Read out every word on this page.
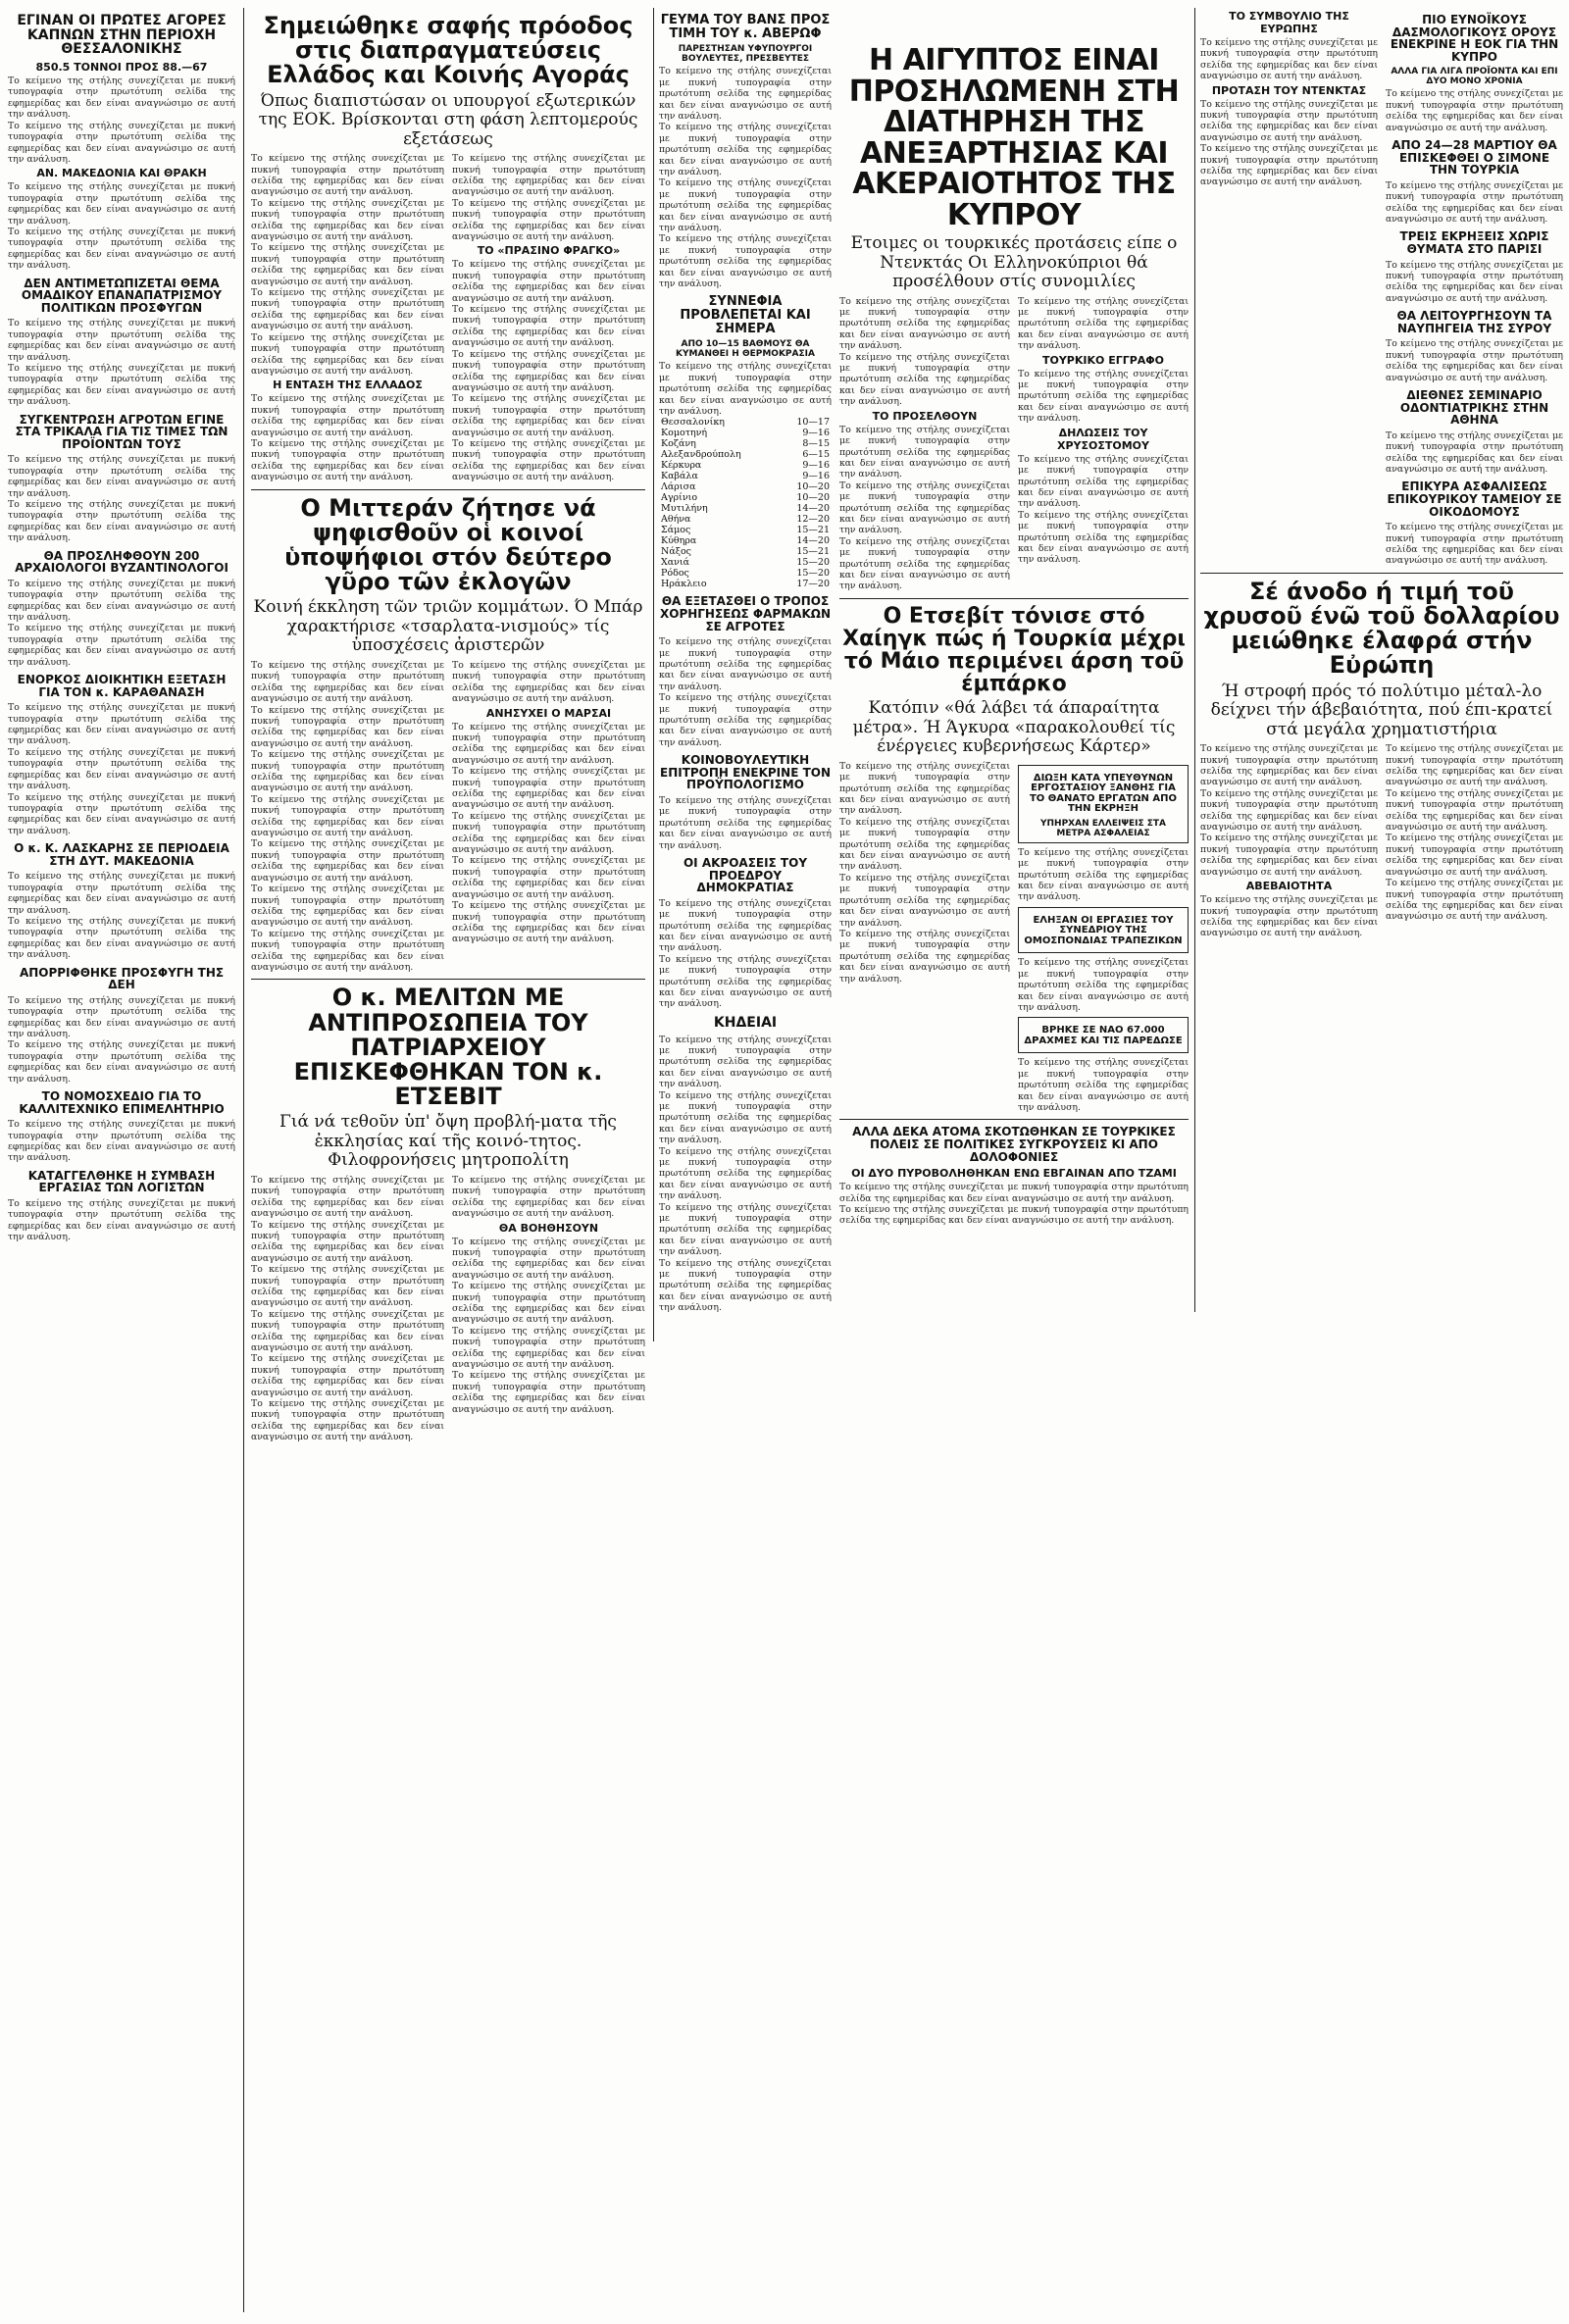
ΕΓΙΝΑΝ ΟΙ ΠΡΩΤΕΣ ΑΓΟΡΕΣ ΚΑΠΝΩΝ ΣΤΗΝ ΠΕΡΙΟΧΗ ΘΕΣΣΑΛΟΝΙΚΗΣ
850.5 ΤΟΝΝΟΙ ΠΡΟΣ 88.—67

Το κείμενο της στήλης συνεχίζεται με πυκνή τυπογραφία στην πρωτότυπη σελίδα της εφημερίδας και δεν είναι αναγνώσιμο σε αυτή την ανάλυση.

Το κείμενο της στήλης συνεχίζεται με πυκνή τυπογραφία στην πρωτότυπη σελίδα της εφημερίδας και δεν είναι αναγνώσιμο σε αυτή την ανάλυση.

ΑΝ. ΜΑΚΕΔΟΝΙΑ ΚΑΙ ΘΡΑΚΗ

Το κείμενο της στήλης συνεχίζεται με πυκνή τυπογραφία στην πρωτότυπη σελίδα της εφημερίδας και δεν είναι αναγνώσιμο σε αυτή την ανάλυση.

Το κείμενο της στήλης συνεχίζεται με πυκνή τυπογραφία στην πρωτότυπη σελίδα της εφημερίδας και δεν είναι αναγνώσιμο σε αυτή την ανάλυση.

ΔΕΝ ΑΝΤΙΜΕΤΩΠΙΖΕΤΑΙ ΘΕΜΑ ΟΜΑΔΙΚΟΥ ΕΠΑΝΑΠΑΤΡΙΣΜΟΥ ΠΟΛΙΤΙΚΩΝ ΠΡΟΣΦΥΓΩΝ

Το κείμενο της στήλης συνεχίζεται με πυκνή τυπογραφία στην πρωτότυπη σελίδα της εφημερίδας και δεν είναι αναγνώσιμο σε αυτή την ανάλυση.

Το κείμενο της στήλης συνεχίζεται με πυκνή τυπογραφία στην πρωτότυπη σελίδα της εφημερίδας και δεν είναι αναγνώσιμο σε αυτή την ανάλυση.

ΣΥΓΚΕΝΤΡΩΣΗ ΑΓΡΟΤΩΝ ΕΓΙΝΕ ΣΤΑ ΤΡΙΚΑΛΑ ΓΙΑ ΤΙΣ ΤΙΜΕΣ ΤΩΝ ΠΡΟΪΟΝΤΩΝ ΤΟΥΣ

Το κείμενο της στήλης συνεχίζεται με πυκνή τυπογραφία στην πρωτότυπη σελίδα της εφημερίδας και δεν είναι αναγνώσιμο σε αυτή την ανάλυση.

Το κείμενο της στήλης συνεχίζεται με πυκνή τυπογραφία στην πρωτότυπη σελίδα της εφημερίδας και δεν είναι αναγνώσιμο σε αυτή την ανάλυση.

ΘΑ ΠΡΟΣΛΗΦΘΟΥΝ 200 ΑΡΧΑΙΟΛΟΓΟΙ ΒΥΖΑΝΤΙΝΟΛΟΓΟΙ

Το κείμενο της στήλης συνεχίζεται με πυκνή τυπογραφία στην πρωτότυπη σελίδα της εφημερίδας και δεν είναι αναγνώσιμο σε αυτή την ανάλυση.

Το κείμενο της στήλης συνεχίζεται με πυκνή τυπογραφία στην πρωτότυπη σελίδα της εφημερίδας και δεν είναι αναγνώσιμο σε αυτή την ανάλυση.

ΕΝΟΡΚΟΣ ΔΙΟΙΚΗΤΙΚΗ ΕΞΕΤΑΣΗ ΓΙΑ ΤΟΝ κ. ΚΑΡΑΘΑΝΑΣΗ

Το κείμενο της στήλης συνεχίζεται με πυκνή τυπογραφία στην πρωτότυπη σελίδα της εφημερίδας και δεν είναι αναγνώσιμο σε αυτή την ανάλυση.

Το κείμενο της στήλης συνεχίζεται με πυκνή τυπογραφία στην πρωτότυπη σελίδα της εφημερίδας και δεν είναι αναγνώσιμο σε αυτή την ανάλυση.

Το κείμενο της στήλης συνεχίζεται με πυκνή τυπογραφία στην πρωτότυπη σελίδα της εφημερίδας και δεν είναι αναγνώσιμο σε αυτή την ανάλυση.

Ο κ. Κ. ΛΑΣΚΑΡΗΣ ΣΕ ΠΕΡΙΟΔΕΙΑ ΣΤΗ ΔΥΤ. ΜΑΚΕΔΟΝΙΑ

Το κείμενο της στήλης συνεχίζεται με πυκνή τυπογραφία στην πρωτότυπη σελίδα της εφημερίδας και δεν είναι αναγνώσιμο σε αυτή την ανάλυση.

Το κείμενο της στήλης συνεχίζεται με πυκνή τυπογραφία στην πρωτότυπη σελίδα της εφημερίδας και δεν είναι αναγνώσιμο σε αυτή την ανάλυση.

ΑΠΟΡΡΙΦΘΗΚΕ ΠΡΟΣΦΥΓΗ ΤΗΣ ΔΕΗ

Το κείμενο της στήλης συνεχίζεται με πυκνή τυπογραφία στην πρωτότυπη σελίδα της εφημερίδας και δεν είναι αναγνώσιμο σε αυτή την ανάλυση.

Το κείμενο της στήλης συνεχίζεται με πυκνή τυπογραφία στην πρωτότυπη σελίδα της εφημερίδας και δεν είναι αναγνώσιμο σε αυτή την ανάλυση.

ΤΟ ΝΟΜΟΣΧΕΔΙΟ ΓΙΑ ΤΟ ΚΑΛΛΙΤΕΧΝΙΚΟ ΕΠΙΜΕΛΗΤΗΡΙΟ

Το κείμενο της στήλης συνεχίζεται με πυκνή τυπογραφία στην πρωτότυπη σελίδα της εφημερίδας και δεν είναι αναγνώσιμο σε αυτή την ανάλυση.

ΚΑΤΑΓΓΕΛΘΗΚΕ Η ΣΥΜΒΑΣΗ ΕΡΓΑΣΙΑΣ ΤΩΝ ΛΟΓΙΣΤΩΝ

Το κείμενο της στήλης συνεχίζεται με πυκνή τυπογραφία στην πρωτότυπη σελίδα της εφημερίδας και δεν είναι αναγνώσιμο σε αυτή την ανάλυση.

Σημειώθηκε σαφής πρόοδος στις διαπραγματεύσεις Ελλάδος και Κοινής Αγοράς
Όπως διαπιστώσαν οι υπουργοί εξωτερικών της ΕΟΚ. Βρίσκονται στη φάση λεπτομερούς εξετάσεως

Το κείμενο της στήλης συνεχίζεται με πυκνή τυπογραφία στην πρωτότυπη σελίδα της εφημερίδας και δεν είναι αναγνώσιμο σε αυτή την ανάλυση.

Το κείμενο της στήλης συνεχίζεται με πυκνή τυπογραφία στην πρωτότυπη σελίδα της εφημερίδας και δεν είναι αναγνώσιμο σε αυτή την ανάλυση.

Το κείμενο της στήλης συνεχίζεται με πυκνή τυπογραφία στην πρωτότυπη σελίδα της εφημερίδας και δεν είναι αναγνώσιμο σε αυτή την ανάλυση.

Το κείμενο της στήλης συνεχίζεται με πυκνή τυπογραφία στην πρωτότυπη σελίδα της εφημερίδας και δεν είναι αναγνώσιμο σε αυτή την ανάλυση.

Το κείμενο της στήλης συνεχίζεται με πυκνή τυπογραφία στην πρωτότυπη σελίδα της εφημερίδας και δεν είναι αναγνώσιμο σε αυτή την ανάλυση.

Η ΕΝΤΑΣΗ ΤΗΣ ΕΛΛΑΔΟΣ

Το κείμενο της στήλης συνεχίζεται με πυκνή τυπογραφία στην πρωτότυπη σελίδα της εφημερίδας και δεν είναι αναγνώσιμο σε αυτή την ανάλυση.

Το κείμενο της στήλης συνεχίζεται με πυκνή τυπογραφία στην πρωτότυπη σελίδα της εφημερίδας και δεν είναι αναγνώσιμο σε αυτή την ανάλυση.

Το κείμενο της στήλης συνεχίζεται με πυκνή τυπογραφία στην πρωτότυπη σελίδα της εφημερίδας και δεν είναι αναγνώσιμο σε αυτή την ανάλυση.

Το κείμενο της στήλης συνεχίζεται με πυκνή τυπογραφία στην πρωτότυπη σελίδα της εφημερίδας και δεν είναι αναγνώσιμο σε αυτή την ανάλυση.

ΤΟ «ΠΡΑΣΙΝΟ ΦΡΑΓΚΟ»

Το κείμενο της στήλης συνεχίζεται με πυκνή τυπογραφία στην πρωτότυπη σελίδα της εφημερίδας και δεν είναι αναγνώσιμο σε αυτή την ανάλυση.

Το κείμενο της στήλης συνεχίζεται με πυκνή τυπογραφία στην πρωτότυπη σελίδα της εφημερίδας και δεν είναι αναγνώσιμο σε αυτή την ανάλυση.

Το κείμενο της στήλης συνεχίζεται με πυκνή τυπογραφία στην πρωτότυπη σελίδα της εφημερίδας και δεν είναι αναγνώσιμο σε αυτή την ανάλυση.

Το κείμενο της στήλης συνεχίζεται με πυκνή τυπογραφία στην πρωτότυπη σελίδα της εφημερίδας και δεν είναι αναγνώσιμο σε αυτή την ανάλυση.

Το κείμενο της στήλης συνεχίζεται με πυκνή τυπογραφία στην πρωτότυπη σελίδα της εφημερίδας και δεν είναι αναγνώσιμο σε αυτή την ανάλυση.

Ο Μιττεράν ζήτησε νά ψηφισθοῦν οἱ κοινοί ὑποψήφιοι στόν δεύτερο γῦρο τῶν ἐκλογῶν
Κοινή έκκληση τῶν τριῶν κομμάτων. Ό Μπάρ χαρακτήρισε «τσαρλατα-νισμούς» τίς ὑποσχέσεις ἀριστερῶν

Το κείμενο της στήλης συνεχίζεται με πυκνή τυπογραφία στην πρωτότυπη σελίδα της εφημερίδας και δεν είναι αναγνώσιμο σε αυτή την ανάλυση.

Το κείμενο της στήλης συνεχίζεται με πυκνή τυπογραφία στην πρωτότυπη σελίδα της εφημερίδας και δεν είναι αναγνώσιμο σε αυτή την ανάλυση.

Το κείμενο της στήλης συνεχίζεται με πυκνή τυπογραφία στην πρωτότυπη σελίδα της εφημερίδας και δεν είναι αναγνώσιμο σε αυτή την ανάλυση.

Το κείμενο της στήλης συνεχίζεται με πυκνή τυπογραφία στην πρωτότυπη σελίδα της εφημερίδας και δεν είναι αναγνώσιμο σε αυτή την ανάλυση.

Το κείμενο της στήλης συνεχίζεται με πυκνή τυπογραφία στην πρωτότυπη σελίδα της εφημερίδας και δεν είναι αναγνώσιμο σε αυτή την ανάλυση.

Το κείμενο της στήλης συνεχίζεται με πυκνή τυπογραφία στην πρωτότυπη σελίδα της εφημερίδας και δεν είναι αναγνώσιμο σε αυτή την ανάλυση.

Το κείμενο της στήλης συνεχίζεται με πυκνή τυπογραφία στην πρωτότυπη σελίδα της εφημερίδας και δεν είναι αναγνώσιμο σε αυτή την ανάλυση.

Το κείμενο της στήλης συνεχίζεται με πυκνή τυπογραφία στην πρωτότυπη σελίδα της εφημερίδας και δεν είναι αναγνώσιμο σε αυτή την ανάλυση.

ΑΝΗΣΥΧΕΙ Ο ΜΑΡΣΑΙ

Το κείμενο της στήλης συνεχίζεται με πυκνή τυπογραφία στην πρωτότυπη σελίδα της εφημερίδας και δεν είναι αναγνώσιμο σε αυτή την ανάλυση.

Το κείμενο της στήλης συνεχίζεται με πυκνή τυπογραφία στην πρωτότυπη σελίδα της εφημερίδας και δεν είναι αναγνώσιμο σε αυτή την ανάλυση.

Το κείμενο της στήλης συνεχίζεται με πυκνή τυπογραφία στην πρωτότυπη σελίδα της εφημερίδας και δεν είναι αναγνώσιμο σε αυτή την ανάλυση.

Το κείμενο της στήλης συνεχίζεται με πυκνή τυπογραφία στην πρωτότυπη σελίδα της εφημερίδας και δεν είναι αναγνώσιμο σε αυτή την ανάλυση.

Το κείμενο της στήλης συνεχίζεται με πυκνή τυπογραφία στην πρωτότυπη σελίδα της εφημερίδας και δεν είναι αναγνώσιμο σε αυτή την ανάλυση.

Ο κ. ΜΕΛΙΤΩΝ ΜΕ ΑΝΤΙΠΡΟΣΩΠΕΙΑ ΤΟΥ ΠΑΤΡΙΑΡΧΕΙΟΥ ΕΠΙΣΚΕΦΘΗΚΑΝ ΤΟΝ κ. ΕΤΣΕΒΙΤ
Γιά νά τεθοῦν ὑπ' ὄψη προβλή-ματα τῆς ἐκκλησίας καί τῆς κοινό-τητος. Φιλοφρονήσεις μητροπολίτη

Το κείμενο της στήλης συνεχίζεται με πυκνή τυπογραφία στην πρωτότυπη σελίδα της εφημερίδας και δεν είναι αναγνώσιμο σε αυτή την ανάλυση.

Το κείμενο της στήλης συνεχίζεται με πυκνή τυπογραφία στην πρωτότυπη σελίδα της εφημερίδας και δεν είναι αναγνώσιμο σε αυτή την ανάλυση.

Το κείμενο της στήλης συνεχίζεται με πυκνή τυπογραφία στην πρωτότυπη σελίδα της εφημερίδας και δεν είναι αναγνώσιμο σε αυτή την ανάλυση.

Το κείμενο της στήλης συνεχίζεται με πυκνή τυπογραφία στην πρωτότυπη σελίδα της εφημερίδας και δεν είναι αναγνώσιμο σε αυτή την ανάλυση.

Το κείμενο της στήλης συνεχίζεται με πυκνή τυπογραφία στην πρωτότυπη σελίδα της εφημερίδας και δεν είναι αναγνώσιμο σε αυτή την ανάλυση.

Το κείμενο της στήλης συνεχίζεται με πυκνή τυπογραφία στην πρωτότυπη σελίδα της εφημερίδας και δεν είναι αναγνώσιμο σε αυτή την ανάλυση.

Το κείμενο της στήλης συνεχίζεται με πυκνή τυπογραφία στην πρωτότυπη σελίδα της εφημερίδας και δεν είναι αναγνώσιμο σε αυτή την ανάλυση.

ΘΑ ΒΟΗΘΗΣΟΥΝ

Το κείμενο της στήλης συνεχίζεται με πυκνή τυπογραφία στην πρωτότυπη σελίδα της εφημερίδας και δεν είναι αναγνώσιμο σε αυτή την ανάλυση.

Το κείμενο της στήλης συνεχίζεται με πυκνή τυπογραφία στην πρωτότυπη σελίδα της εφημερίδας και δεν είναι αναγνώσιμο σε αυτή την ανάλυση.

Το κείμενο της στήλης συνεχίζεται με πυκνή τυπογραφία στην πρωτότυπη σελίδα της εφημερίδας και δεν είναι αναγνώσιμο σε αυτή την ανάλυση.

Το κείμενο της στήλης συνεχίζεται με πυκνή τυπογραφία στην πρωτότυπη σελίδα της εφημερίδας και δεν είναι αναγνώσιμο σε αυτή την ανάλυση.

ΓΕΥΜΑ ΤΟΥ ΒΑΝΣ ΠΡΟΣ ΤΙΜΗ ΤΟΥ κ. ΑΒΕΡΩΦ
ΠΑΡΕΣΤΗΣΑΝ ΥΦΥΠΟΥΡΓΟΙ ΒΟΥΛΕΥΤΕΣ, ΠΡΕΣΒΕΥΤΕΣ

Το κείμενο της στήλης συνεχίζεται με πυκνή τυπογραφία στην πρωτότυπη σελίδα της εφημερίδας και δεν είναι αναγνώσιμο σε αυτή την ανάλυση.

Το κείμενο της στήλης συνεχίζεται με πυκνή τυπογραφία στην πρωτότυπη σελίδα της εφημερίδας και δεν είναι αναγνώσιμο σε αυτή την ανάλυση.

Το κείμενο της στήλης συνεχίζεται με πυκνή τυπογραφία στην πρωτότυπη σελίδα της εφημερίδας και δεν είναι αναγνώσιμο σε αυτή την ανάλυση.

Το κείμενο της στήλης συνεχίζεται με πυκνή τυπογραφία στην πρωτότυπη σελίδα της εφημερίδας και δεν είναι αναγνώσιμο σε αυτή την ανάλυση.

ΣΥΝΝΕΦΙΑ ΠΡΟΒΛΕΠΕΤΑΙ ΚΑΙ ΣΗΜΕΡΑ
ΑΠΟ 10—15 ΒΑΘΜΟΥΣ ΘΑ ΚΥΜΑΝΘΕΙ Η ΘΕΡΜΟΚΡΑΣΙΑ

Το κείμενο της στήλης συνεχίζεται με πυκνή τυπογραφία στην πρωτότυπη σελίδα της εφημερίδας και δεν είναι αναγνώσιμο σε αυτή την ανάλυση.

Θεσσαλονίκη	10—17
Κομοτηνή	9—16
Κοζάνη	8—15
Αλεξανδρούπολη	6—15
Κέρκυρα	9—16
Καβάλα	9—16
Λάρισα	10—20
Αγρίνιο	10—20
Μυτιλήνη	14—20
Αθήνα	12—20
Σάμος	15—21
Κύθηρα	14—20
Νάξος	15—21
Χανιά	15—20
Ρόδος	15—20
Ηράκλειο	17—20
ΘΑ ΕΞΕΤΑΣΘΕΙ Ο ΤΡΟΠΟΣ ΧΟΡΗΓΗΣΕΩΣ ΦΑΡΜΑΚΩΝ ΣΕ ΑΓΡΟΤΕΣ

Το κείμενο της στήλης συνεχίζεται με πυκνή τυπογραφία στην πρωτότυπη σελίδα της εφημερίδας και δεν είναι αναγνώσιμο σε αυτή την ανάλυση.

Το κείμενο της στήλης συνεχίζεται με πυκνή τυπογραφία στην πρωτότυπη σελίδα της εφημερίδας και δεν είναι αναγνώσιμο σε αυτή την ανάλυση.

ΚΟΙΝΟΒΟΥΛΕΥΤΙΚΗ ΕΠΙΤΡΟΠΗ ΕΝΕΚΡΙΝΕ ΤΟΝ ΠΡΟΫΠΟΛΟΓΙΣΜΟ

Το κείμενο της στήλης συνεχίζεται με πυκνή τυπογραφία στην πρωτότυπη σελίδα της εφημερίδας και δεν είναι αναγνώσιμο σε αυτή την ανάλυση.

ΟΙ ΑΚΡΟΑΣΕΙΣ ΤΟΥ ΠΡΟΕΔΡΟΥ ΔΗΜΟΚΡΑΤΙΑΣ

Το κείμενο της στήλης συνεχίζεται με πυκνή τυπογραφία στην πρωτότυπη σελίδα της εφημερίδας και δεν είναι αναγνώσιμο σε αυτή την ανάλυση.

Το κείμενο της στήλης συνεχίζεται με πυκνή τυπογραφία στην πρωτότυπη σελίδα της εφημερίδας και δεν είναι αναγνώσιμο σε αυτή την ανάλυση.

ΚΗΔΕΙΑΙ

Το κείμενο της στήλης συνεχίζεται με πυκνή τυπογραφία στην πρωτότυπη σελίδα της εφημερίδας και δεν είναι αναγνώσιμο σε αυτή την ανάλυση.

Το κείμενο της στήλης συνεχίζεται με πυκνή τυπογραφία στην πρωτότυπη σελίδα της εφημερίδας και δεν είναι αναγνώσιμο σε αυτή την ανάλυση.

Το κείμενο της στήλης συνεχίζεται με πυκνή τυπογραφία στην πρωτότυπη σελίδα της εφημερίδας και δεν είναι αναγνώσιμο σε αυτή την ανάλυση.

Το κείμενο της στήλης συνεχίζεται με πυκνή τυπογραφία στην πρωτότυπη σελίδα της εφημερίδας και δεν είναι αναγνώσιμο σε αυτή την ανάλυση.

Το κείμενο της στήλης συνεχίζεται με πυκνή τυπογραφία στην πρωτότυπη σελίδα της εφημερίδας και δεν είναι αναγνώσιμο σε αυτή την ανάλυση.

Η ΑΙΓΥΠΤΟΣ ΕΙΝΑΙ ΠΡΟΣΗΛΩΜΕΝΗ ΣΤΗ ΔΙΑΤΗΡΗΣΗ ΤΗΣ ΑΝΕΞΑΡΤΗΣΙΑΣ ΚΑΙ ΑΚΕΡΑΙΟΤΗΤΟΣ ΤΗΣ ΚΥΠΡΟΥ
Ετοιμες οι τουρκικές προτάσεις είπε ο Ντενκτάς Οι Ελληνοκύπριοι θά προσέλθουν στίς συνομιλίες

Το κείμενο της στήλης συνεχίζεται με πυκνή τυπογραφία στην πρωτότυπη σελίδα της εφημερίδας και δεν είναι αναγνώσιμο σε αυτή την ανάλυση.

Το κείμενο της στήλης συνεχίζεται με πυκνή τυπογραφία στην πρωτότυπη σελίδα της εφημερίδας και δεν είναι αναγνώσιμο σε αυτή την ανάλυση.

ΤΟ ΠΡΟΣΕΛΘΟΥΝ

Το κείμενο της στήλης συνεχίζεται με πυκνή τυπογραφία στην πρωτότυπη σελίδα της εφημερίδας και δεν είναι αναγνώσιμο σε αυτή την ανάλυση.

Το κείμενο της στήλης συνεχίζεται με πυκνή τυπογραφία στην πρωτότυπη σελίδα της εφημερίδας και δεν είναι αναγνώσιμο σε αυτή την ανάλυση.

Το κείμενο της στήλης συνεχίζεται με πυκνή τυπογραφία στην πρωτότυπη σελίδα της εφημερίδας και δεν είναι αναγνώσιμο σε αυτή την ανάλυση.

Το κείμενο της στήλης συνεχίζεται με πυκνή τυπογραφία στην πρωτότυπη σελίδα της εφημερίδας και δεν είναι αναγνώσιμο σε αυτή την ανάλυση.

ΤΟΥΡΚΙΚΟ ΕΓΓΡΑΦΟ

Το κείμενο της στήλης συνεχίζεται με πυκνή τυπογραφία στην πρωτότυπη σελίδα της εφημερίδας και δεν είναι αναγνώσιμο σε αυτή την ανάλυση.

ΔΗΛΩΣΕΙΣ ΤΟΥ ΧΡΥΣΟΣΤΟΜΟΥ

Το κείμενο της στήλης συνεχίζεται με πυκνή τυπογραφία στην πρωτότυπη σελίδα της εφημερίδας και δεν είναι αναγνώσιμο σε αυτή την ανάλυση.

Το κείμενο της στήλης συνεχίζεται με πυκνή τυπογραφία στην πρωτότυπη σελίδα της εφημερίδας και δεν είναι αναγνώσιμο σε αυτή την ανάλυση.

Ο Ετσεβίτ τόνισε στό Χαίηγκ πώς ή Τουρκία μέχρι τό Μάιο περιμένει άρση τοῦ έμπάρκο
Κατόπιν «θά λάβει τά άπαραίτητα μέτρα». Ή Άγκυρα «παρακολουθεί τίς ένέργειες κυβερνήσεως Κάρτερ»

Το κείμενο της στήλης συνεχίζεται με πυκνή τυπογραφία στην πρωτότυπη σελίδα της εφημερίδας και δεν είναι αναγνώσιμο σε αυτή την ανάλυση.

Το κείμενο της στήλης συνεχίζεται με πυκνή τυπογραφία στην πρωτότυπη σελίδα της εφημερίδας και δεν είναι αναγνώσιμο σε αυτή την ανάλυση.

Το κείμενο της στήλης συνεχίζεται με πυκνή τυπογραφία στην πρωτότυπη σελίδα της εφημερίδας και δεν είναι αναγνώσιμο σε αυτή την ανάλυση.

Το κείμενο της στήλης συνεχίζεται με πυκνή τυπογραφία στην πρωτότυπη σελίδα της εφημερίδας και δεν είναι αναγνώσιμο σε αυτή την ανάλυση.

ΔΙΩΞΗ ΚΑΤΑ ΥΠΕΥΘΥΝΩΝ ΕΡΓΟΣΤΑΣΙΟΥ ΞΑΝΘΗΣ ΓΙΑ ΤΟ ΘΑΝΑΤΟ ΕΡΓΑΤΩΝ ΑΠΟ ΤΗΝ ΕΚΡΗΞΗ
ΥΠΗΡΧΑΝ ΕΛΛΕΙΨΕΙΣ ΣΤΑ ΜΕΤΡΑ ΑΣΦΑΛΕΙΑΣ

Το κείμενο της στήλης συνεχίζεται με πυκνή τυπογραφία στην πρωτότυπη σελίδα της εφημερίδας και δεν είναι αναγνώσιμο σε αυτή την ανάλυση.

ΕΛΗΞΑΝ ΟΙ ΕΡΓΑΣΙΕΣ ΤΟΥ ΣΥΝΕΔΡΙΟΥ ΤΗΣ ΟΜΟΣΠΟΝΔΙΑΣ ΤΡΑΠΕΖΙΚΩΝ

Το κείμενο της στήλης συνεχίζεται με πυκνή τυπογραφία στην πρωτότυπη σελίδα της εφημερίδας και δεν είναι αναγνώσιμο σε αυτή την ανάλυση.

ΒΡΗΚΕ ΣΕ ΝΑΟ 67.000 ΔΡΑΧΜΕΣ ΚΑΙ ΤΙΣ ΠΑΡΕΔΩΣΕ

Το κείμενο της στήλης συνεχίζεται με πυκνή τυπογραφία στην πρωτότυπη σελίδα της εφημερίδας και δεν είναι αναγνώσιμο σε αυτή την ανάλυση.

ΑΛΛΑ ΔΕΚΑ ΑΤΟΜΑ ΣΚΟΤΩΘΗΚΑΝ ΣΕ ΤΟΥΡΚΙΚΕΣ ΠΟΛΕΙΣ ΣΕ ΠΟΛΙΤΙΚΕΣ ΣΥΓΚΡΟΥΣΕΙΣ ΚΙ ΑΠΟ ΔΟΛΟΦΟΝΙΕΣ
ΟΙ ΔΥΟ ΠΥΡΟΒΟΛΗΘΗΚΑΝ ΕΝΩ ΕΒΓΑΙΝΑΝ ΑΠΟ ΤΖΑΜΙ

Το κείμενο της στήλης συνεχίζεται με πυκνή τυπογραφία στην πρωτότυπη σελίδα της εφημερίδας και δεν είναι αναγνώσιμο σε αυτή την ανάλυση.

Το κείμενο της στήλης συνεχίζεται με πυκνή τυπογραφία στην πρωτότυπη σελίδα της εφημερίδας και δεν είναι αναγνώσιμο σε αυτή την ανάλυση.

ΤΟ ΣΥΜΒΟΥΛΙΟ ΤΗΣ ΕΥΡΩΠΗΣ

Το κείμενο της στήλης συνεχίζεται με πυκνή τυπογραφία στην πρωτότυπη σελίδα της εφημερίδας και δεν είναι αναγνώσιμο σε αυτή την ανάλυση.

ΠΡΟΤΑΣΗ ΤΟΥ ΝΤΕΝΚΤΑΣ

Το κείμενο της στήλης συνεχίζεται με πυκνή τυπογραφία στην πρωτότυπη σελίδα της εφημερίδας και δεν είναι αναγνώσιμο σε αυτή την ανάλυση.

Το κείμενο της στήλης συνεχίζεται με πυκνή τυπογραφία στην πρωτότυπη σελίδα της εφημερίδας και δεν είναι αναγνώσιμο σε αυτή την ανάλυση.

ΠΙΟ ΕΥΝΟΪΚΟΥΣ ΔΑΣΜΟΛΟΓΙΚΟΥΣ ΟΡΟΥΣ ΕΝΕΚΡΙΝΕ Η ΕΟΚ ΓΙΑ ΤΗΝ ΚΥΠΡΟ
ΑΛΛΑ ΓΙΑ ΛΙΓΑ ΠΡΟΪΟΝΤΑ ΚΑΙ ΕΠΙ ΔΥΟ ΜΟΝΟ ΧΡΟΝΙΑ

Το κείμενο της στήλης συνεχίζεται με πυκνή τυπογραφία στην πρωτότυπη σελίδα της εφημερίδας και δεν είναι αναγνώσιμο σε αυτή την ανάλυση.

ΑΠΟ 24—28 ΜΑΡΤΙΟΥ ΘΑ ΕΠΙΣΚΕΦΘΕΙ Ο ΣΙΜΟΝΕ ΤΗΝ ΤΟΥΡΚΙΑ

Το κείμενο της στήλης συνεχίζεται με πυκνή τυπογραφία στην πρωτότυπη σελίδα της εφημερίδας και δεν είναι αναγνώσιμο σε αυτή την ανάλυση.

ΤΡΕΙΣ ΕΚΡΗΞΕΙΣ ΧΩΡΙΣ ΘΥΜΑΤΑ ΣΤΟ ΠΑΡΙΣΙ

Το κείμενο της στήλης συνεχίζεται με πυκνή τυπογραφία στην πρωτότυπη σελίδα της εφημερίδας και δεν είναι αναγνώσιμο σε αυτή την ανάλυση.

ΘΑ ΛΕΙΤΟΥΡΓΗΣΟΥΝ ΤΑ ΝΑΥΠΗΓΕΙΑ ΤΗΣ ΣΥΡΟΥ

Το κείμενο της στήλης συνεχίζεται με πυκνή τυπογραφία στην πρωτότυπη σελίδα της εφημερίδας και δεν είναι αναγνώσιμο σε αυτή την ανάλυση.

ΔΙΕΘΝΕΣ ΣΕΜΙΝΑΡΙΟ ΟΔΟΝΤΙΑΤΡΙΚΗΣ ΣΤΗΝ ΑΘΗΝΑ

Το κείμενο της στήλης συνεχίζεται με πυκνή τυπογραφία στην πρωτότυπη σελίδα της εφημερίδας και δεν είναι αναγνώσιμο σε αυτή την ανάλυση.

ΕΠΙΚΥΡΑ ΑΣΦΑΛΙΣΕΩΣ ΕΠΙΚΟΥΡΙΚΟΥ ΤΑΜΕΙΟΥ ΣΕ ΟΙΚΟΔΟΜΟΥΣ

Το κείμενο της στήλης συνεχίζεται με πυκνή τυπογραφία στην πρωτότυπη σελίδα της εφημερίδας και δεν είναι αναγνώσιμο σε αυτή την ανάλυση.

Σέ άνοδο ή τιμή τοῦ χρυσοῦ ένῶ τοῦ δολλαρίου μειώθηκε έλαφρά στήν Εὐρώπη
Ή στροφή πρός τό πολύτιμο μέταλ-λο δείχνει τήν άβεβαιότητα, πού έπι-κρατεί στά μεγάλα χρηματιστήρια

Το κείμενο της στήλης συνεχίζεται με πυκνή τυπογραφία στην πρωτότυπη σελίδα της εφημερίδας και δεν είναι αναγνώσιμο σε αυτή την ανάλυση.

Το κείμενο της στήλης συνεχίζεται με πυκνή τυπογραφία στην πρωτότυπη σελίδα της εφημερίδας και δεν είναι αναγνώσιμο σε αυτή την ανάλυση.

Το κείμενο της στήλης συνεχίζεται με πυκνή τυπογραφία στην πρωτότυπη σελίδα της εφημερίδας και δεν είναι αναγνώσιμο σε αυτή την ανάλυση.

ΑΒΕΒΑΙΟΤΗΤΑ

Το κείμενο της στήλης συνεχίζεται με πυκνή τυπογραφία στην πρωτότυπη σελίδα της εφημερίδας και δεν είναι αναγνώσιμο σε αυτή την ανάλυση.

Το κείμενο της στήλης συνεχίζεται με πυκνή τυπογραφία στην πρωτότυπη σελίδα της εφημερίδας και δεν είναι αναγνώσιμο σε αυτή την ανάλυση.

Το κείμενο της στήλης συνεχίζεται με πυκνή τυπογραφία στην πρωτότυπη σελίδα της εφημερίδας και δεν είναι αναγνώσιμο σε αυτή την ανάλυση.

Το κείμενο της στήλης συνεχίζεται με πυκνή τυπογραφία στην πρωτότυπη σελίδα της εφημερίδας και δεν είναι αναγνώσιμο σε αυτή την ανάλυση.

Το κείμενο της στήλης συνεχίζεται με πυκνή τυπογραφία στην πρωτότυπη σελίδα της εφημερίδας και δεν είναι αναγνώσιμο σε αυτή την ανάλυση.
